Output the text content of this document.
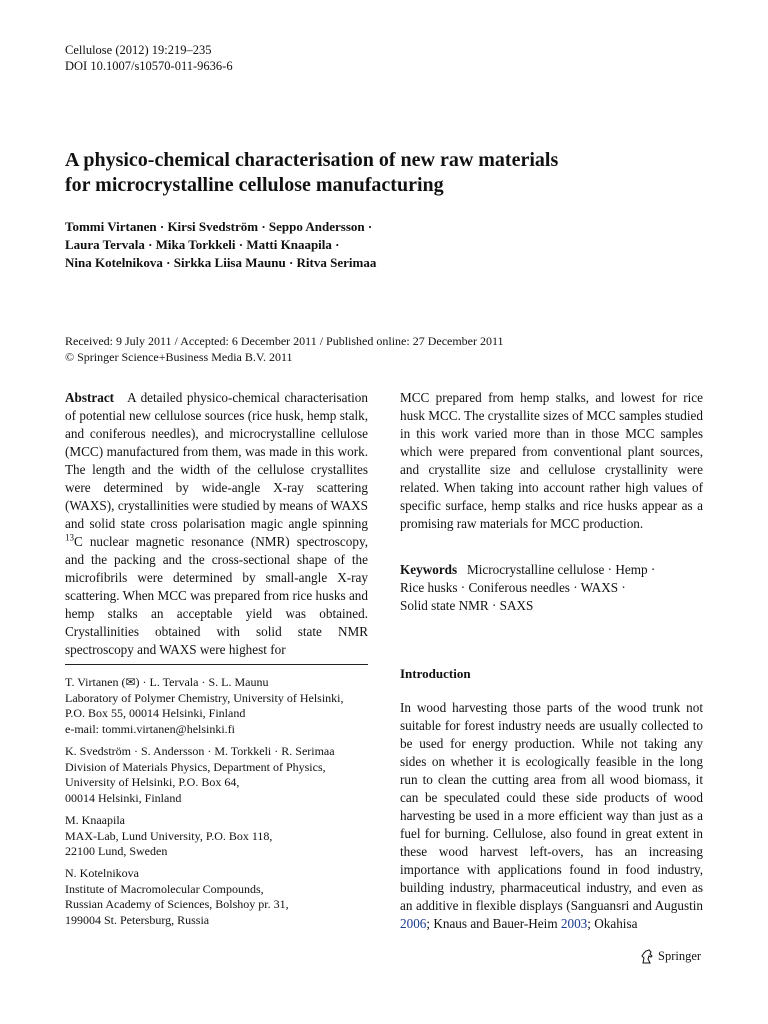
Cellulose (2012) 19:219–235
DOI 10.1007/s10570-011-9636-6
A physico-chemical characterisation of new raw materials
for microcrystalline cellulose manufacturing
Tommi Virtanen · Kirsi Svedström · Seppo Andersson ·
Laura Tervala · Mika Torkkeli · Matti Knaapila ·
Nina Kotelnikova · Sirkka Liisa Maunu · Ritva Serimaa
Received: 9 July 2011 / Accepted: 6 December 2011 / Published online: 27 December 2011
© Springer Science+Business Media B.V. 2011
Abstract A detailed physico-chemical characterisation of potential new cellulose sources (rice husk, hemp stalk, and coniferous needles), and microcrystalline cellulose (MCC) manufactured from them, was made in this work. The length and the width of the cellulose crystallites were determined by wide-angle X-ray scattering (WAXS), crystallinities were studied by means of WAXS and solid state cross polarisation magic angle spinning $^{13}$C nuclear magnetic resonance (NMR) spectroscopy, and the packing and the cross-sectional shape of the microfibrils were determined by small-angle X-ray scattering. When MCC was prepared from rice husks and hemp stalks an acceptable yield was obtained. Crystallinities obtained with solid state NMR spectroscopy and WAXS were highest for
MCC prepared from hemp stalks, and lowest for rice husk MCC. The crystallite sizes of MCC samples studied in this work varied more than in those MCC samples which were prepared from conventional plant sources, and crystallite size and cellulose crystallinity were related. When taking into account rather high values of specific surface, hemp stalks and rice husks appear as a promising raw materials for MCC production.
Keywords Microcrystalline cellulose · Hemp ·
Rice husks · Coniferous needles · WAXS ·
Solid state NMR · SAXS
T. Virtanen (✉) · L. Tervala · S. L. Maunu
Laboratory of Polymer Chemistry, University of Helsinki,
P.O. Box 55, 00014 Helsinki, Finland
e-mail: tommi.virtanen@helsinki.fi
K. Svedström · S. Andersson · M. Torkkeli · R. Serimaa
Division of Materials Physics, Department of Physics,
University of Helsinki, P.O. Box 64,
00014 Helsinki, Finland
M. Knaapila
MAX-Lab, Lund University, P.O. Box 118,
22100 Lund, Sweden
N. Kotelnikova
Institute of Macromolecular Compounds,
Russian Academy of Sciences, Bolshoy pr. 31,
199004 St. Petersburg, Russia
Introduction
In wood harvesting those parts of the wood trunk not suitable for forest industry needs are usually collected to be used for energy production. While not taking any sides on whether it is ecologically feasible in the long run to clean the cutting area from all wood biomass, it can be speculated could these side products of wood harvesting be used in a more efficient way than just as a fuel for burning. Cellulose, also found in great extent in these wood harvest left-overs, has an increasing importance with applications found in food industry, building industry, pharmaceutical industry, and even as an additive in flexible displays (Sanguansri and Augustin 2006; Knaus and Bauer-Heim 2003; Okahisa
Springer
